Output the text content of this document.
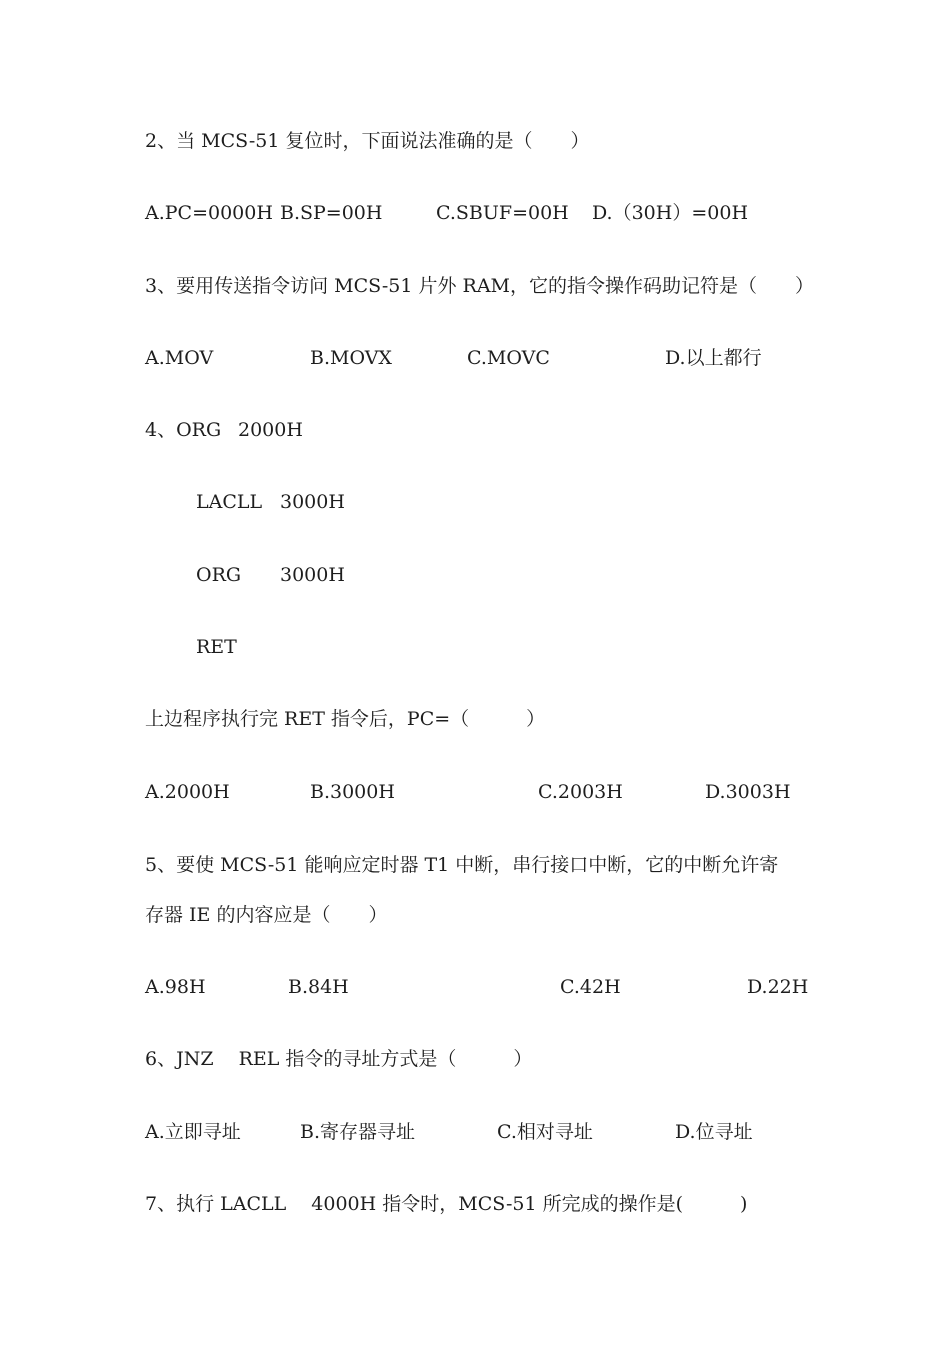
2、当 MCS-51 复位时，下面说法准确的是（　　）
A.PC=0000H B.SP=00H	C.SBUF=00H D.（30H）=00H
3、要用传送指令访问 MCS-51 片外 RAM，它的指令操作码助记符是（　　）
A.MOV	B.MOVX	C.MOVC	D.以上都行
4、ORG 2000H
LACLL 3000H
ORG 3000H
RET
上边程序执行完 RET 指令后，PC=（　　　）
A.2000H	B.3000H	C.2003H	D.3003H
5、要使 MCS-51 能响应定时器 T1 中断，串行接口中断，它的中断允许寄
存器 IE 的内容应是（　　）
A.98H	B.84H	C.42H	D.22H
6、JNZ　 REL 指令的寻址方式是（　　　）
A.立即寻址	B.寄存器寻址	C.相对寻址	D.位寻址
7、执行 LACLL　 4000H 指令时，MCS-51 所完成的操作是(　　　)
